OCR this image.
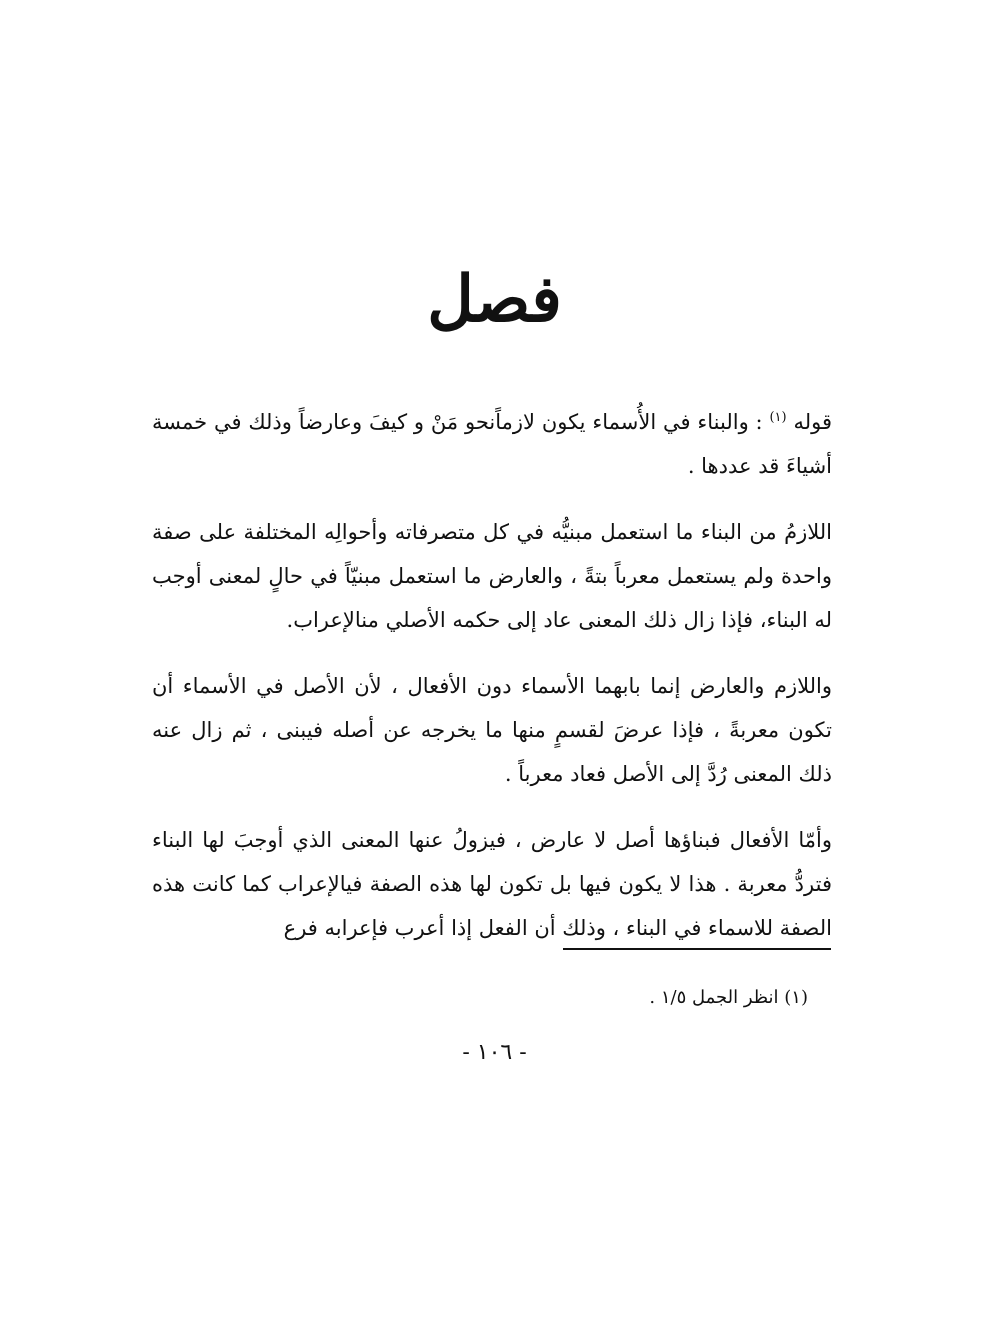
فصل

قوله $^{(١)}$ : والبناء في الأُسماء يكون لازماًنحو مَنْ و كيفَ وعارضاً وذلك في خمسة أشياءَ قد عددها .

اللازمُ من البناء ما استعمل مبنيُّه في كل متصرفاته وأحوالِه المختلفة على صفة واحدة ولم يستعمل معرباً بتةً ، والعارض ما استعمل مبنيّاً في حالٍ لمعنى أوجب له البناء، فإذا زال ذلك المعنى عاد إلى حكمه الأصلي منالإعراب.

واللازم والعارض إنما بابهما الأسماء دون الأفعال ، لأن الأصل في الأسماء أن تكون معربةً ، فإذا عرضَ لقسمٍ منها ما يخرجه عن أصله فيبنى ، ثم زال عنه ذلك المعنى رُدَّ إلى الأصل فعاد معرباً .

وأمّا الأفعال فبناؤها أصل لا عارض ، فيزولُ عنها المعنى الذي أوجبَ لها البناء فتردُّ معربة . هذا لا يكون فيها بل تكون لها هذه الصفة فيالإعراب كما كانت هذه الصفة للاسماء في البناء ، وذلك أن الفعل إذا أعرب فإعرابه فرع

(١) انظر الجمل ١/٥ .
- ١٠٦ -
